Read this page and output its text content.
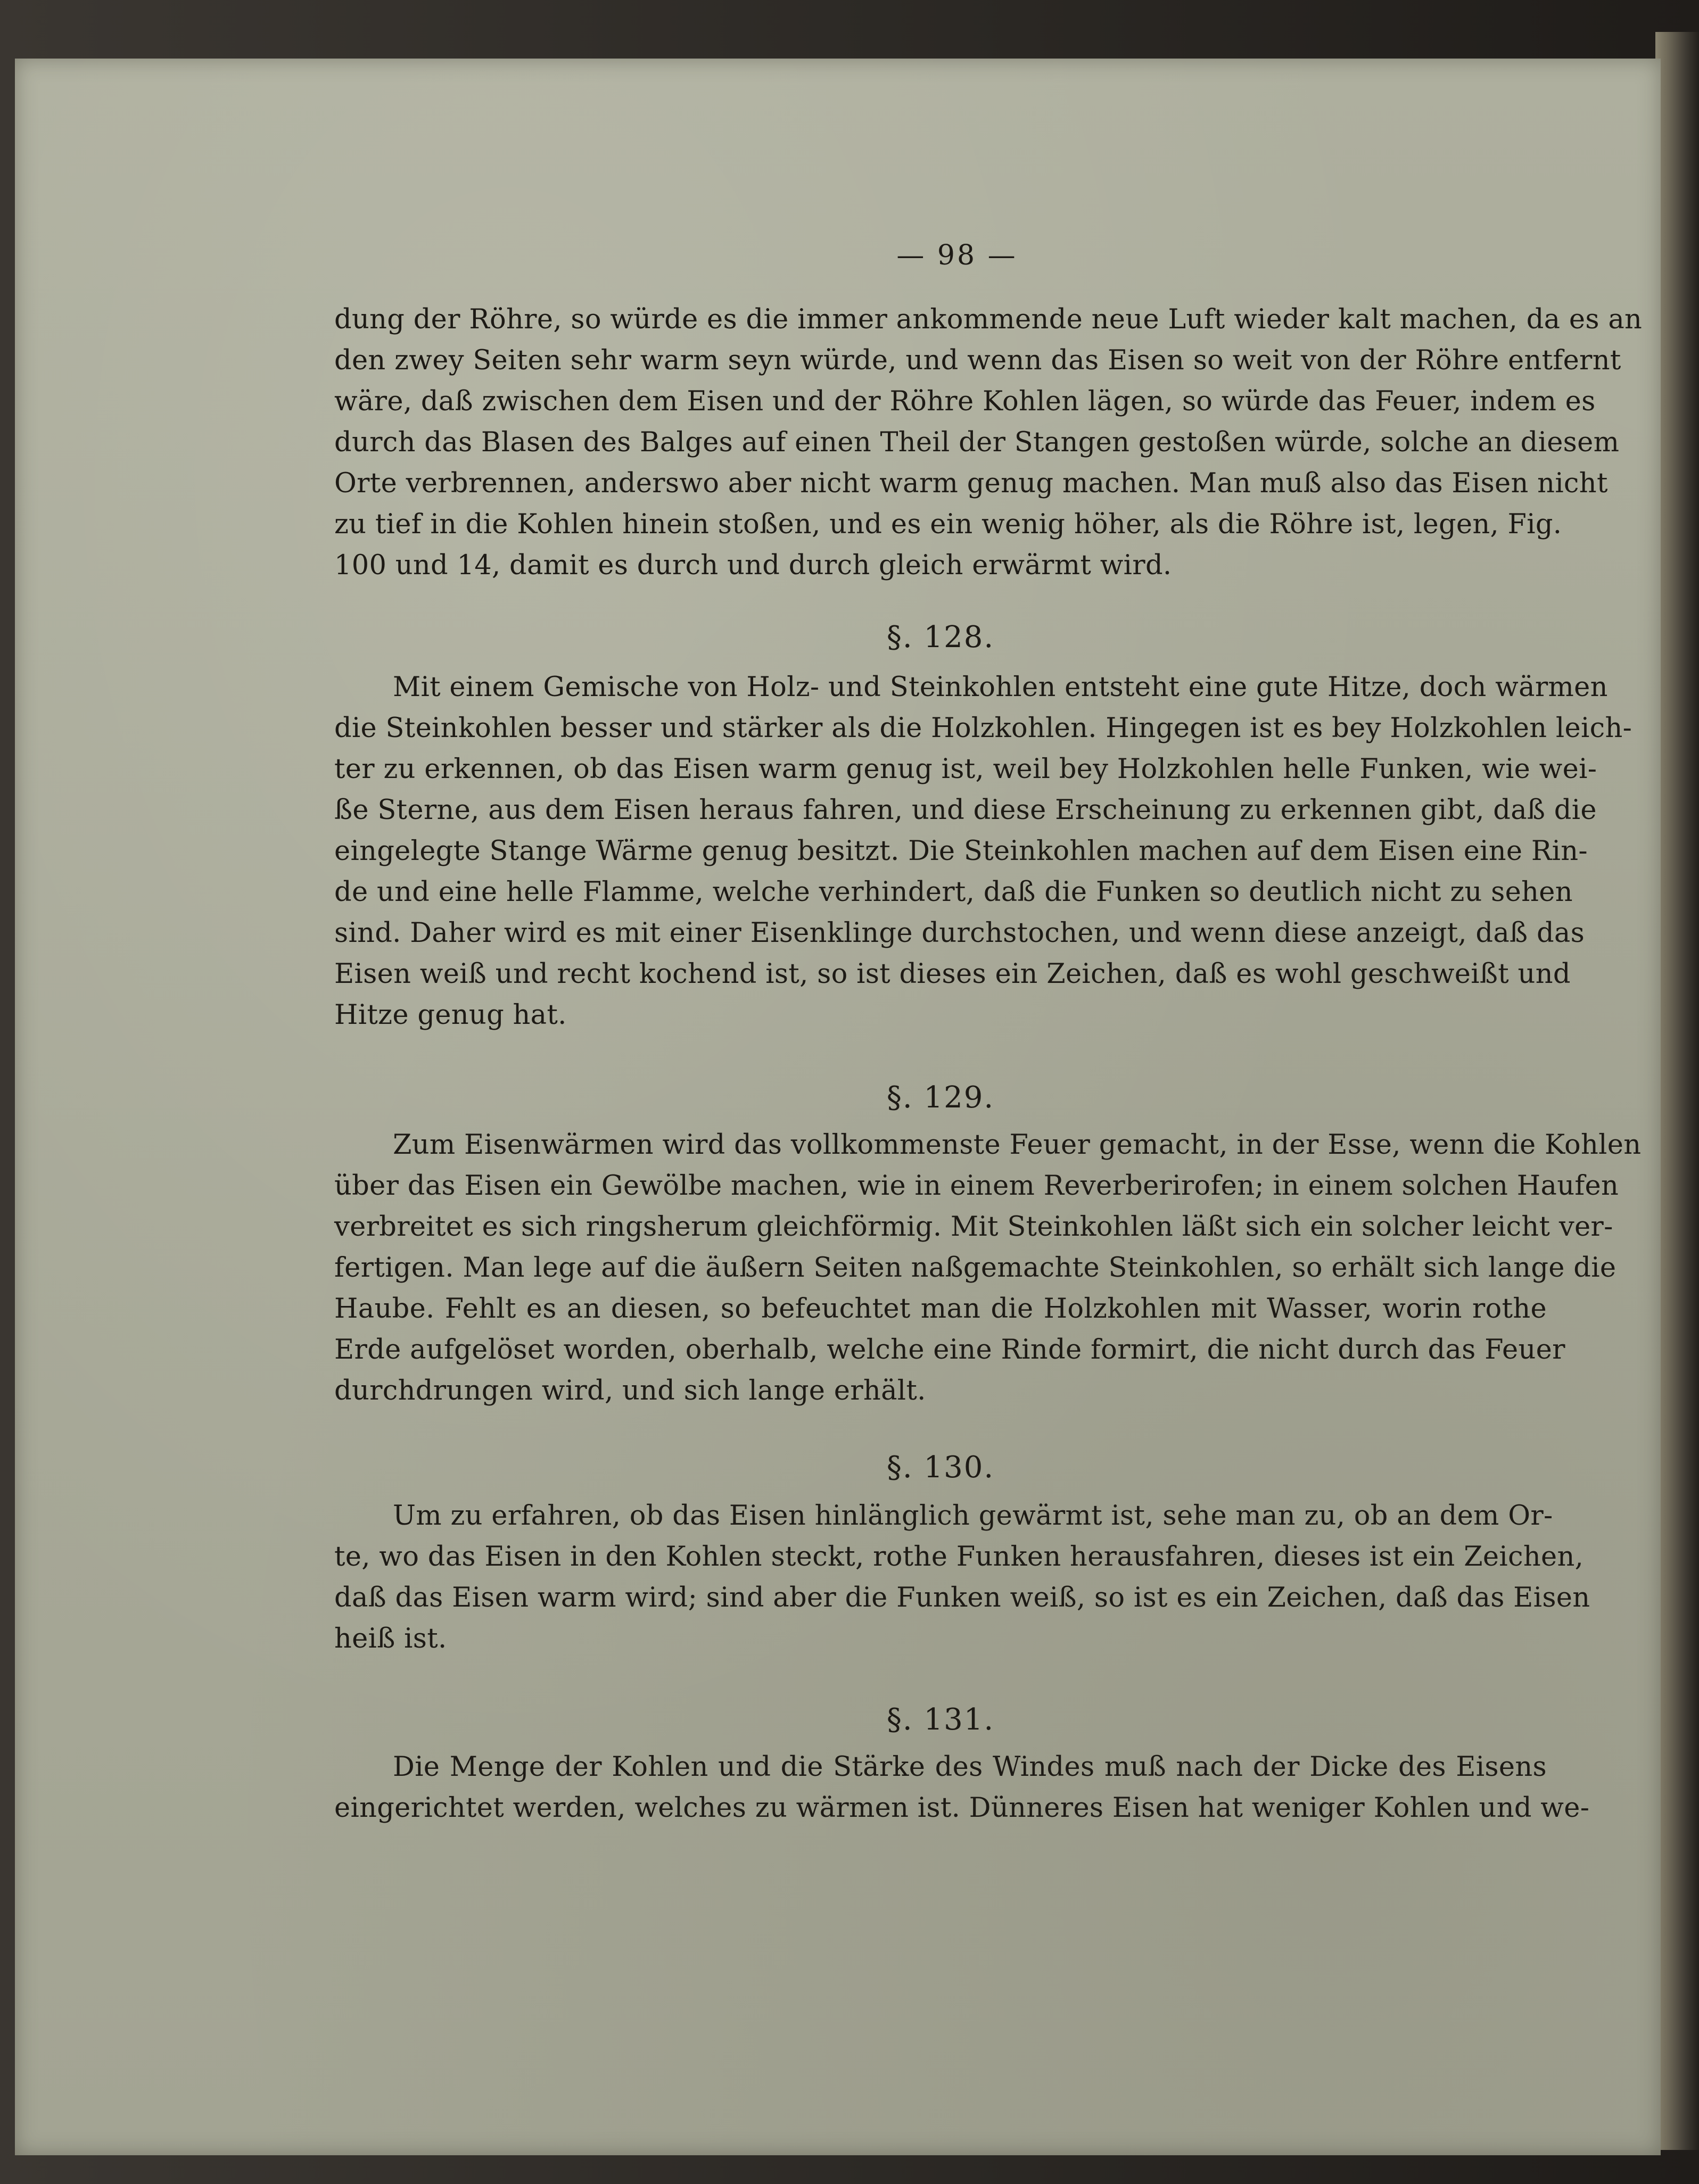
— 98 —
dung der Röhre, so würde es die immer ankommende neue Luft wieder kalt machen, da es an
den zwey Seiten sehr warm seyn würde, und wenn das Eisen so weit von der Röhre entfernt
wäre, daß zwischen dem Eisen und der Röhre Kohlen lägen, so würde das Feuer, indem es
durch das Blasen des Balges auf einen Theil der Stangen gestoßen würde, solche an diesem
Orte verbrennen, anderswo aber nicht warm genug machen. Man muß also das Eisen nicht
zu tief in die Kohlen hinein stoßen, und es ein wenig höher, als die Röhre ist, legen, Fig.
100 und 14, damit es durch und durch gleich erwärmt wird.
§. 128.
Mit einem Gemische von Holz- und Steinkohlen entsteht eine gute Hitze, doch wärmen
die Steinkohlen besser und stärker als die Holzkohlen. Hingegen ist es bey Holzkohlen leich-
ter zu erkennen, ob das Eisen warm genug ist, weil bey Holzkohlen helle Funken, wie wei-
ße Sterne, aus dem Eisen heraus fahren, und diese Erscheinung zu erkennen gibt, daß die
eingelegte Stange Wärme genug besitzt. Die Steinkohlen machen auf dem Eisen eine Rin-
de und eine helle Flamme, welche verhindert, daß die Funken so deutlich nicht zu sehen
sind. Daher wird es mit einer Eisenklinge durchstochen, und wenn diese anzeigt, daß das
Eisen weiß und recht kochend ist, so ist dieses ein Zeichen, daß es wohl geschweißt und
Hitze genug hat.
§. 129.
Zum Eisenwärmen wird das vollkommenste Feuer gemacht, in der Esse, wenn die Kohlen
über das Eisen ein Gewölbe machen, wie in einem Reverberirofen; in einem solchen Haufen
verbreitet es sich ringsherum gleichförmig. Mit Steinkohlen läßt sich ein solcher leicht ver-
fertigen. Man lege auf die äußern Seiten naßgemachte Steinkohlen, so erhält sich lange die
Haube. Fehlt es an diesen, so befeuchtet man die Holzkohlen mit Wasser, worin rothe
Erde aufgelöset worden, oberhalb, welche eine Rinde formirt, die nicht durch das Feuer
durchdrungen wird, und sich lange erhält.
§. 130.
Um zu erfahren, ob das Eisen hinlänglich gewärmt ist, sehe man zu, ob an dem Or-
te, wo das Eisen in den Kohlen steckt, rothe Funken herausfahren, dieses ist ein Zeichen,
daß das Eisen warm wird; sind aber die Funken weiß, so ist es ein Zeichen, daß das Eisen
heiß ist.
§. 131.
Die Menge der Kohlen und die Stärke des Windes muß nach der Dicke des Eisens
eingerichtet werden, welches zu wärmen ist. Dünneres Eisen hat weniger Kohlen und we-
